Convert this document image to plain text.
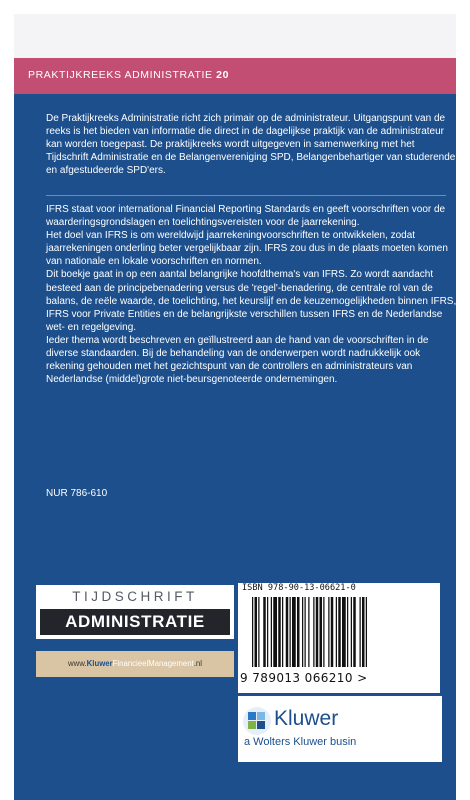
PRAKTIJKREEKS ADMINISTRATIE 20

De Praktijkreeks Administratie richt zich primair op de administrateur. Uitgangspunt van de reeks is het bieden van informatie die direct in de dagelijkse praktijk van de administrateur kan worden toegepast. De praktijkreeks wordt uitgegeven in samenwerking met het Tijdschrift Administratie en de Belangenvereniging SPD, Belangenbehartiger van studerende en afgestudeerde SPD'ers.

IFRS staat voor international Financial Reporting Standards en geeft voorschriften voor de waarderingsgrondslagen en toelichtingsvereisten voor de jaarrekening.

Het doel van IFRS is om wereldwijd jaarrekeningvoorschriften te ontwikkelen, zodat jaarrekeningen onderling beter vergelijkbaar zijn. IFRS zou dus in de plaats moeten komen van nationale en lokale voorschriften en normen.

Dit boekje gaat in op een aantal belangrijke hoofdthema's van IFRS. Zo wordt aandacht besteed aan de principebenadering versus de 'regel'-benadering, de centrale rol van de balans, de reële waarde, de toelichting, het keurslijf en de keuzemogelijkheden binnen IFRS, IFRS voor Private Entities en de belangrijkste verschillen tussen IFRS en de Nederlandse wet- en regelgeving.

Ieder thema wordt beschreven en geïllustreerd aan de hand van de voorschriften in de diverse standaarden. Bij de behandeling van de onderwerpen wordt nadrukkelijk ook rekening gehouden met het gezichtspunt van de controllers en administrateurs van Nederlandse (middel)grote niet-beursgenoteerde ondernemingen.

NUR 786-610
TIJDSCHRIFT
ADMINISTRATIE
www.KluwerFinancieelManagement.nl
ISBN 978-90-13-06621-0
9 789013 066210 >
Kluwer
a Wolters Kluwer busin
